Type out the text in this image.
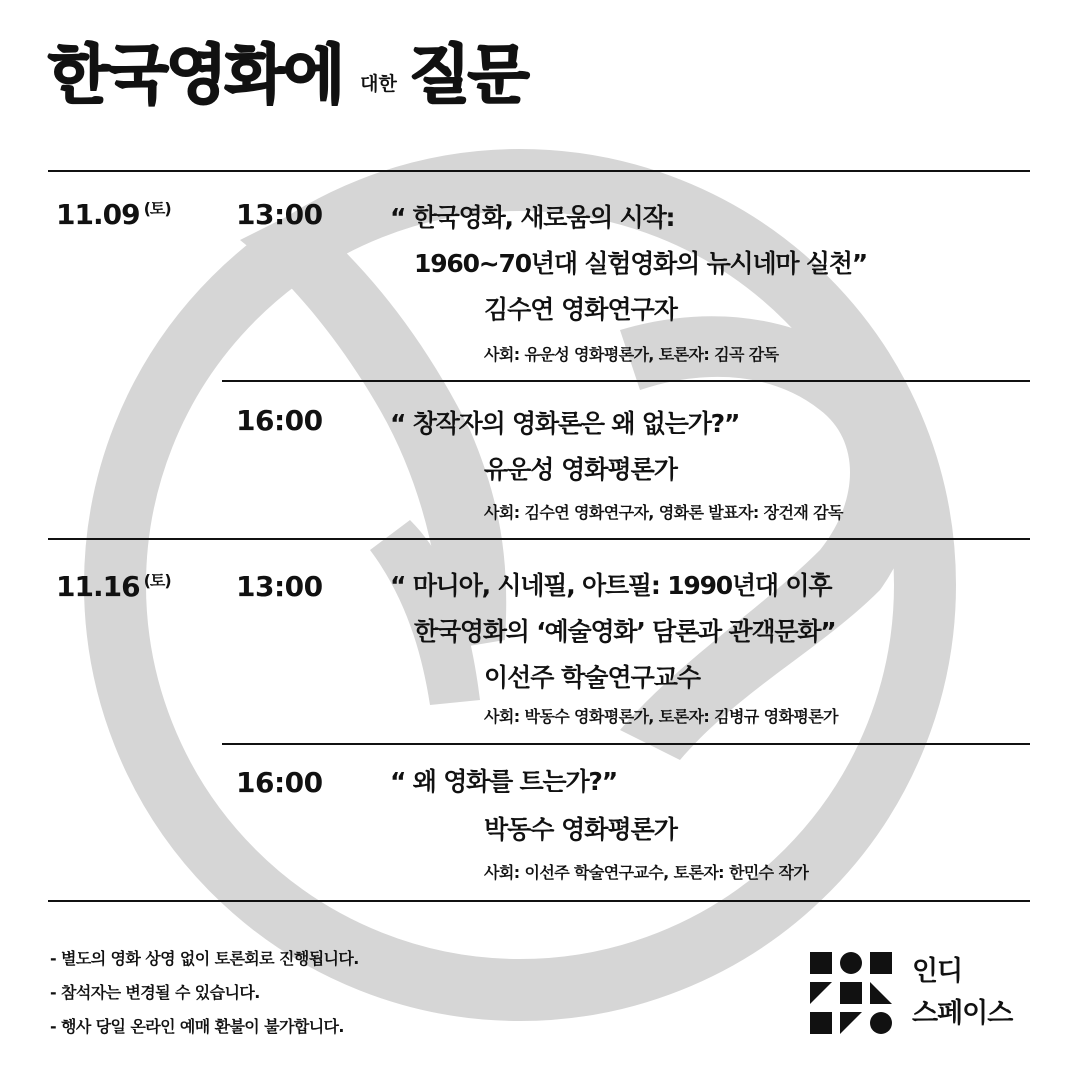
한국영화에 대한 질문
11.09 $^{(토)}$ 13:00	“ 한국영화, 새로움의 시작:
1960~70년대 실험영화의 뉴시네마 실천”
김수연 영화연구자
사회: 유운성 영화평론가, 토론자: 김곡 감독
16:00	“ 창작자의 영화론은 왜 없는가?”
유운성 영화평론가
사회: 김수연 영화연구자, 영화론 발표자: 장건재 감독
11.16 $^{(토)}$ 13:00	“ 마니아, 시네필, 아트필: 1990년대 이후
한국영화의 ‘예술영화’ 담론과 관객문화”
이선주 학술연구교수
사회: 박동수 영화평론가, 토론자: 김병규 영화평론가
16:00	“ 왜 영화를 트는가?”
박동수 영화평론가
사회: 이선주 학술연구교수, 토론자: 한민수 작가
- 별도의 영화 상영 없이 토론회로 진행됩니다.
- 참석자는 변경될 수 있습니다.
- 행사 당일 온라인 예매 환불이 불가합니다.
인디
스페이스
